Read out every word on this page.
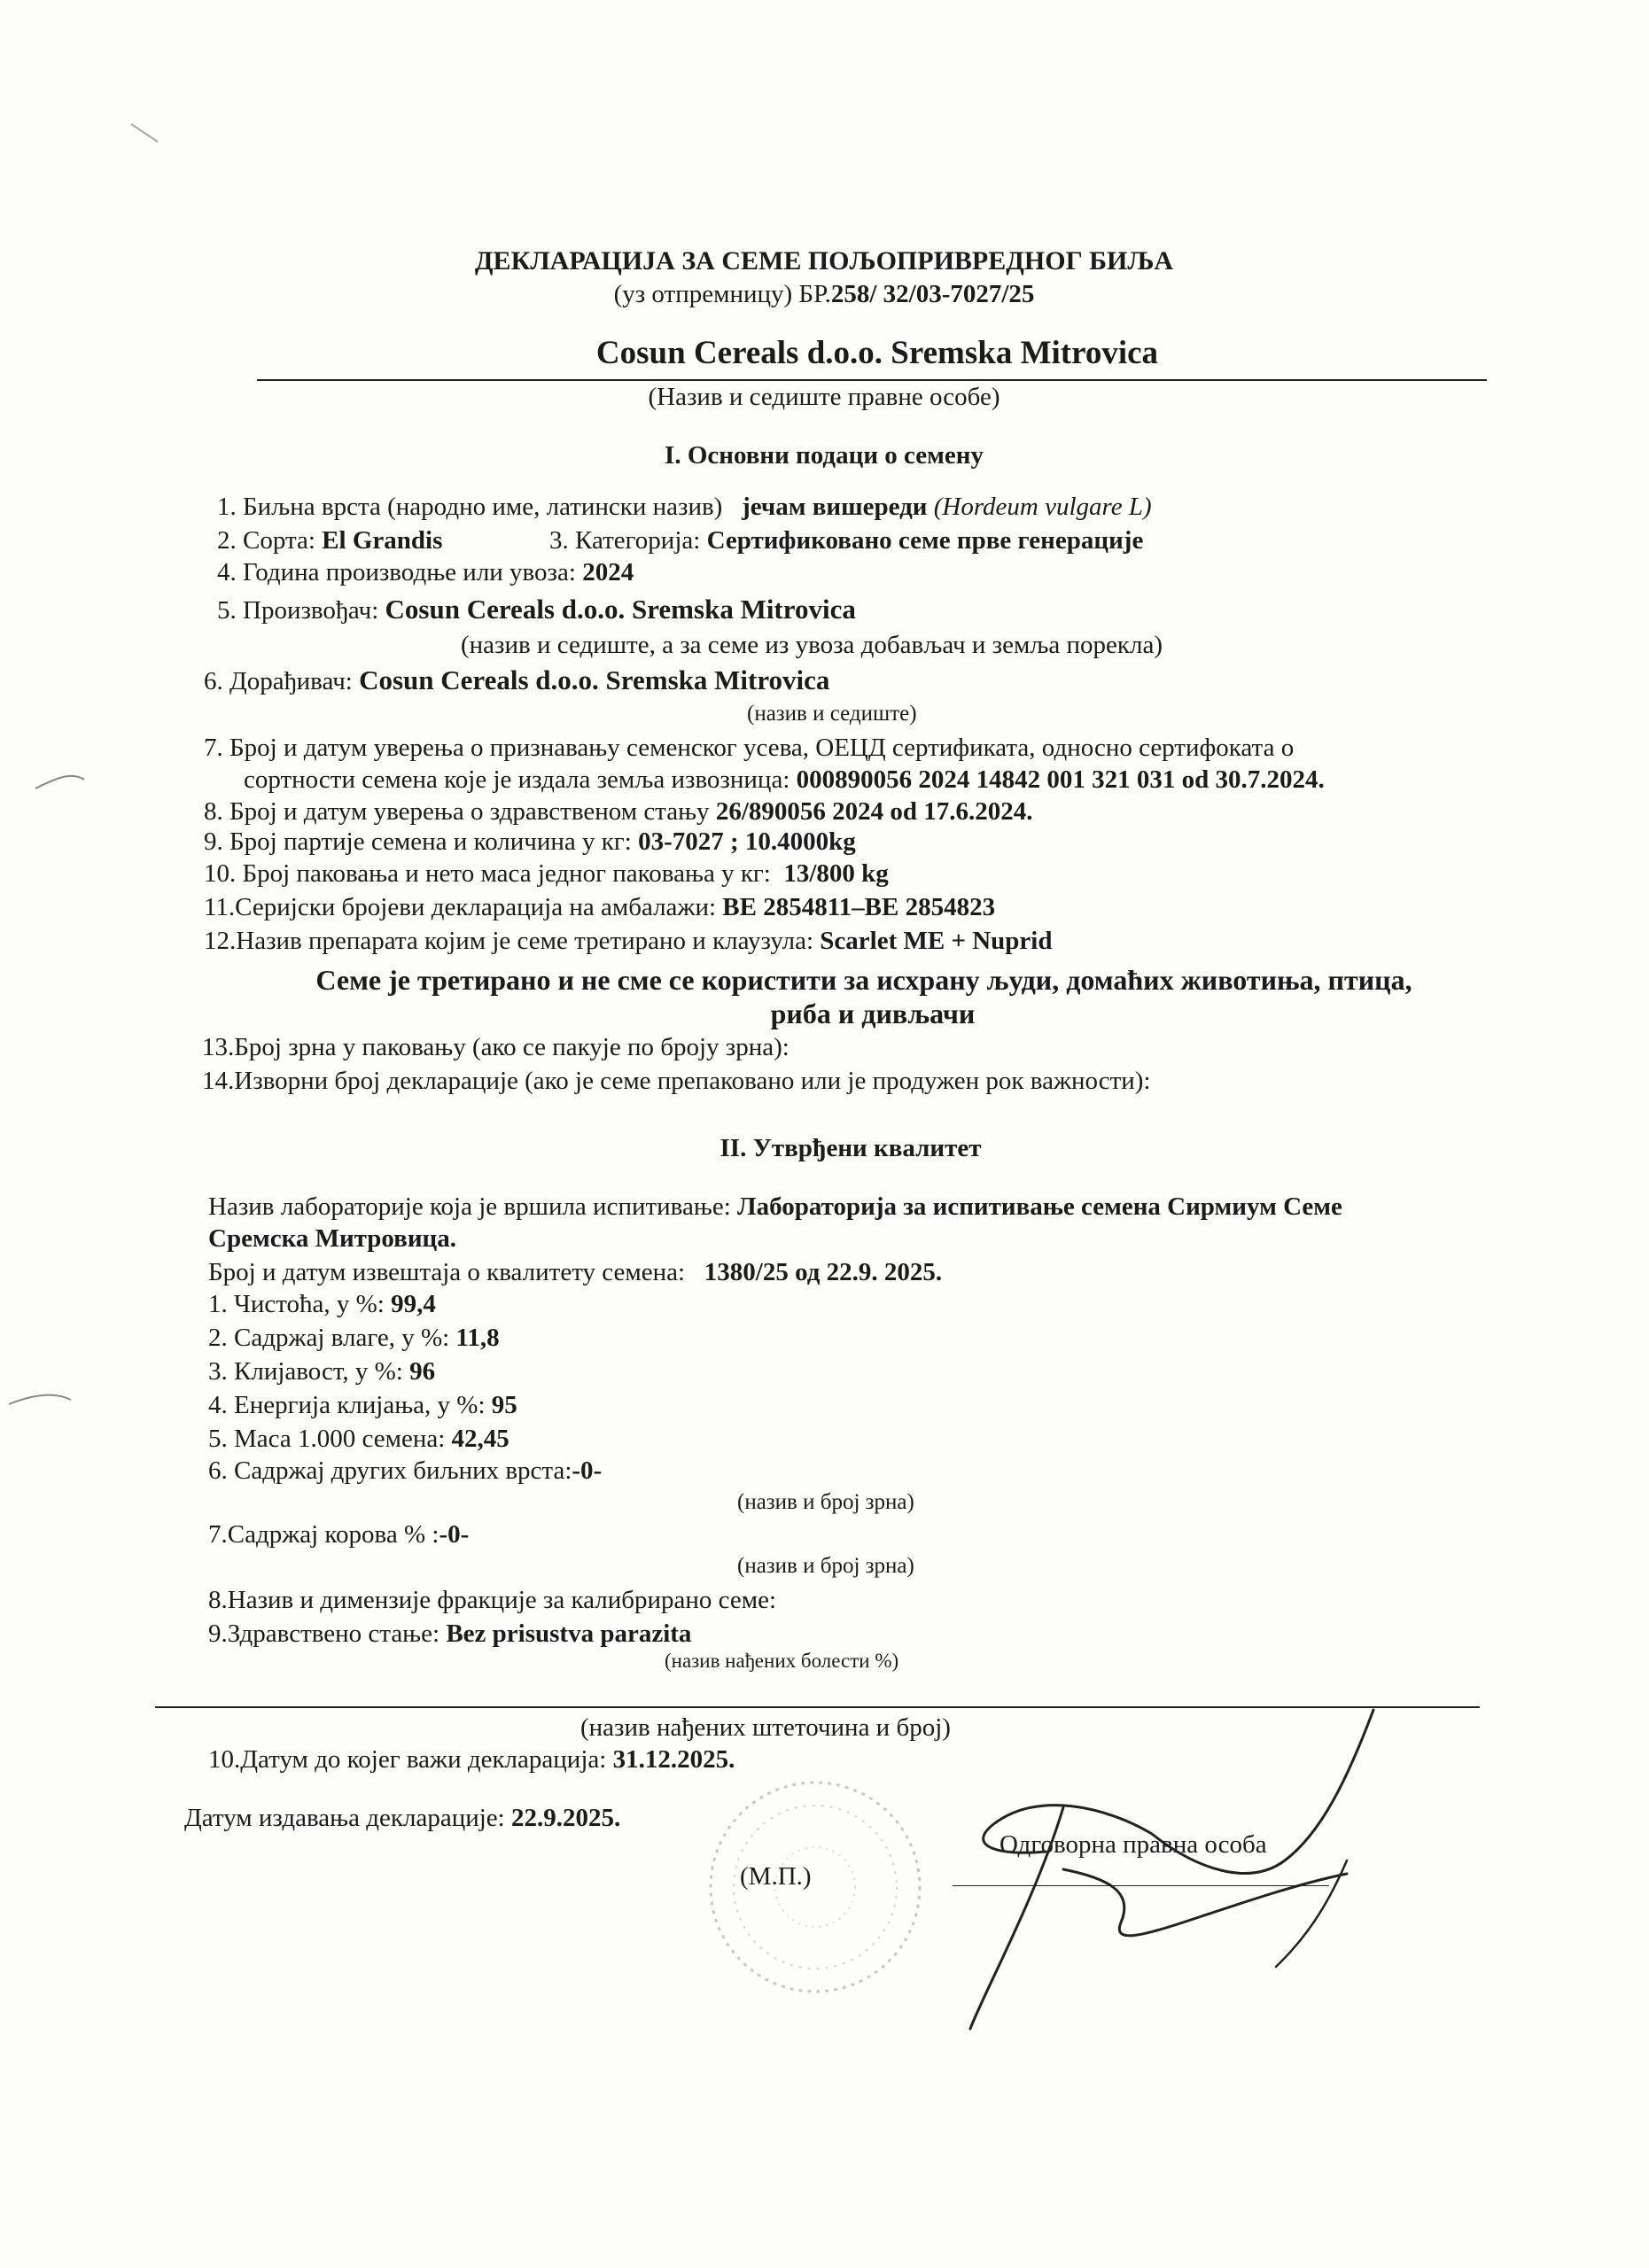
ДЕКЛАРАЦИЈА ЗА СЕМЕ ПОЉОПРИВРЕДНОГ БИЉА
(уз отпремницу) БР.258/ 32/03-7027/25
Cosun Cereals d.o.o. Sremska Mitrovica
(Назив и седиште правне особе)
I. Основни подаци о семену
1. Биљна врста (народно име, латински назив) јечам вишереди (Hordeum vulgare L)
2. Сорта: El Grandis	3. Категорија: Сертификовано семе прве генерације
4. Година производње или увоза: 2024
5. Произвођач: Cosun Cereals d.o.o. Sremska Mitrovica
(назив и седиште, а за семе из увоза добављач и земља порекла)
6. Дорађивач: Cosun Cereals d.o.o. Sremska Mitrovica
(назив и седиште)
7. Број и датум уверења о признавању семенског усева, ОЕЦД сертификата, односно сертифоката о
сортности семена које је издала земља извозница: 000890056 2024 14842 001 321 031 od 30.7.2024.
8. Број и датум уверења о здравственом стању 26/890056 2024 od 17.6.2024.
9. Број партије семена и количина у кг: 03-7027 ; 10.4000kg
10. Број паковања и нето маса једног паковања у кг: 13/800 kg
11.Серијски бројеви декларација на амбалажи: BE 2854811–BE 2854823
12.Назив препарата којим је семе третирано и клаузула: Scarlet ME + Nuprid
Семе је третирано и не сме се користити за исхрану људи, домаћих животиња, птица,
риба и дивљачи
13.Број зрна у паковању (ако се пакује по броју зрна):
14.Изворни број декларације (ако је семе препаковано или је продужен рок важности):
II. Утврђени квалитет
Назив лабораторије која је вршила испитивање: Лабораторија за испитивање семена Сирмиум Семе
Сремска Митровица.
Број и датум извештаја о квалитету семена: 1380/25 од 22.9. 2025.
1. Чистоћа, у %: 99,4
2. Садржај влаге, у %: 11,8
3. Клијавост, у %: 96
4. Енергија клијања, у %: 95
5. Маса 1.000 семена: 42,45
6. Садржај других биљних врста:-0-
(назив и број зрна)
7.Садржај корова % :-0-
(назив и број зрна)
8.Назив и димензије фракције за калибрирано семе:
9.Здравствено стање: Bez prisustva parazita
(назив нађених болести %)
(назив нађених штеточина и број)
10.Датум до којег важи декларација: 31.12.2025.
Датум издавања декларације: 22.9.2025.
(М.П.)
Одговорна правна особа
